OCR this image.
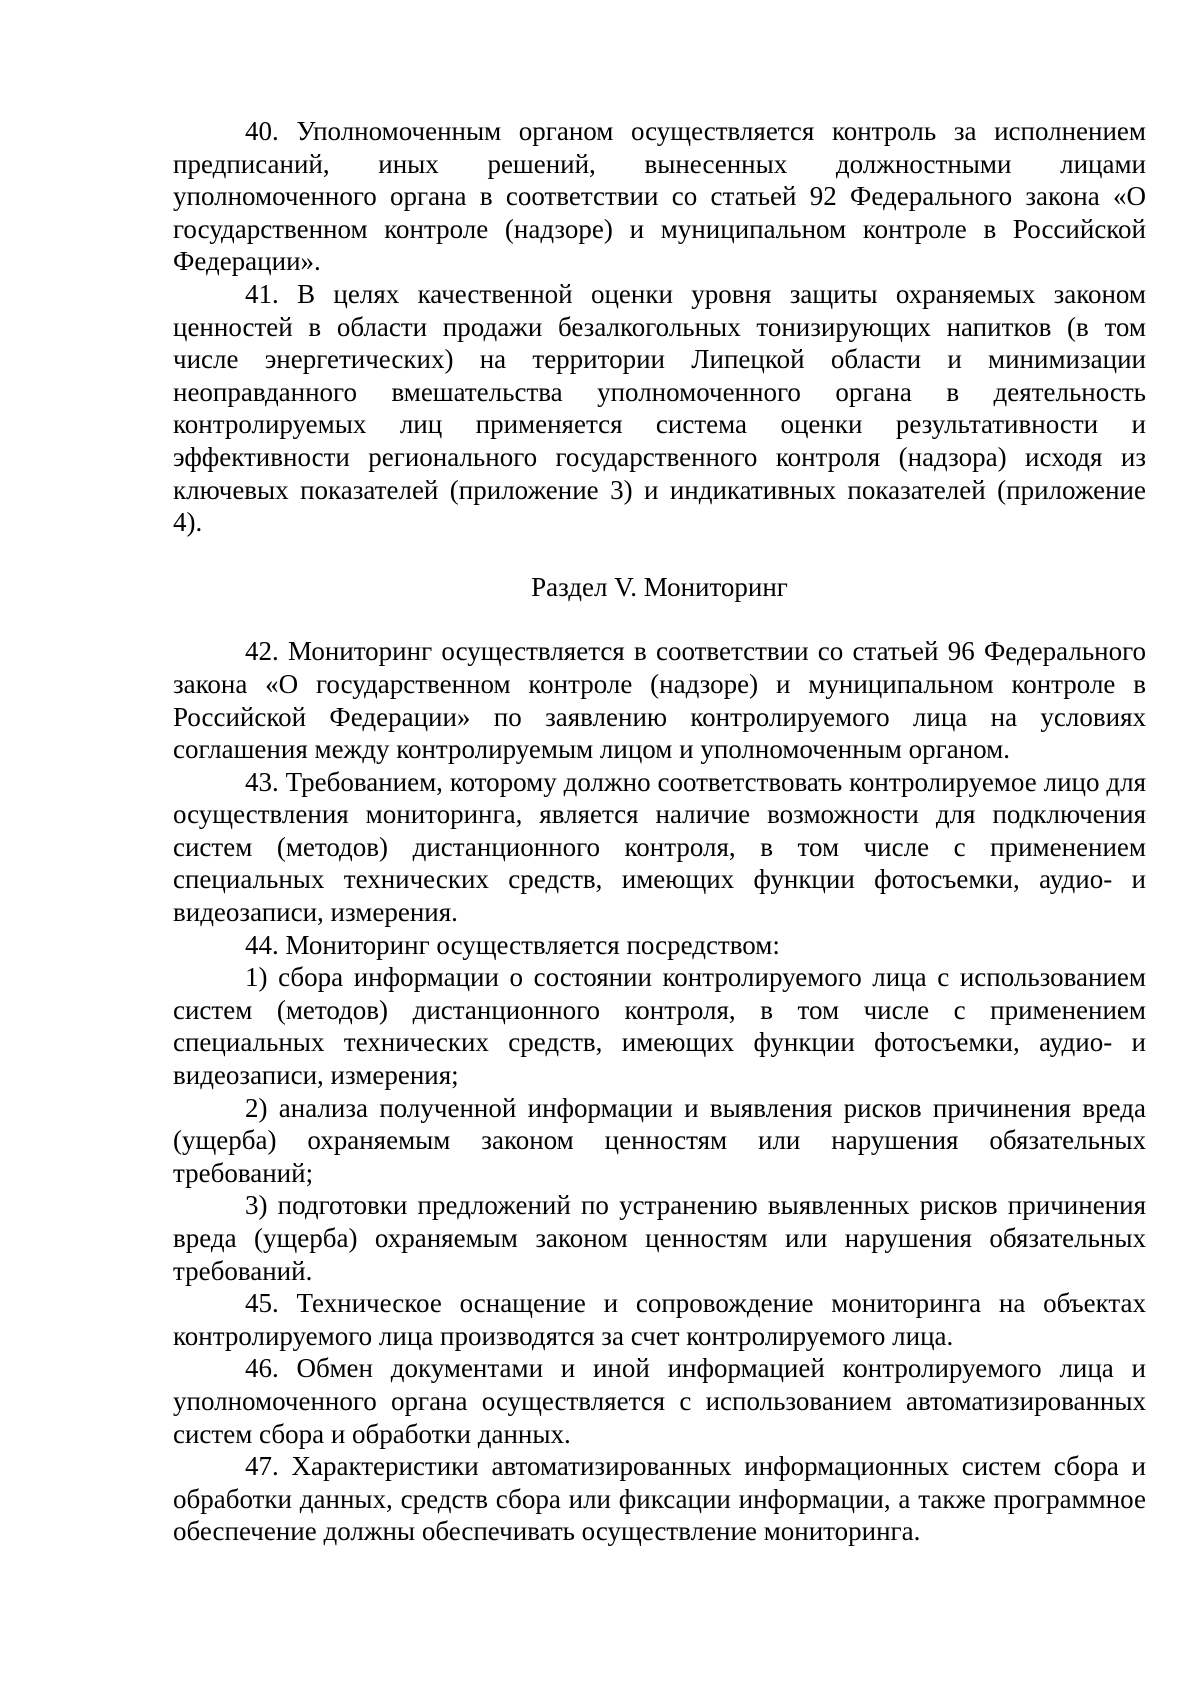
40. Уполномоченным органом осуществляется контроль за исполнением предписаний, иных решений, вынесенных должностными лицами уполномоченного органа в соответствии со статьей 92 Федерального закона «О государственном контроле (надзоре) и муниципальном контроле в Российской Федерации».

41. В целях качественной оценки уровня защиты охраняемых законом ценностей в области продажи безалкогольных тонизирующих напитков (в том числе энергетических) на территории Липецкой области и минимизации неоправданного вмешательства уполномоченного органа в деятельность контролируемых лиц применяется система оценки результативности и эффективности регионального государственного контроля (надзора) исходя из ключевых показателей (приложение 3) и индикативных показателей (приложение 4).

Раздел V. Мониторинг

42. Мониторинг осуществляется в соответствии со статьей 96 Федерального закона «О государственном контроле (надзоре) и муниципальном контроле в Российской Федерации» по заявлению контролируемого лица на условиях соглашения между контролируемым лицом и уполномоченным органом.

43. Требованием, которому должно соответствовать контролируемое лицо для осуществления мониторинга, является наличие возможности для подключения систем (методов) дистанционного контроля, в том числе с применением специальных технических средств, имеющих функции фотосъемки, аудио- и видеозаписи, измерения.

44. Мониторинг осуществляется посредством:

1) сбора информации о состоянии контролируемого лица с использованием систем (методов) дистанционного контроля, в том числе с применением специальных технических средств, имеющих функции фотосъемки, аудио- и видеозаписи, измерения;

2) анализа полученной информации и выявления рисков причинения вреда (ущерба) охраняемым законом ценностям или нарушения обязательных требований;

3) подготовки предложений по устранению выявленных рисков причинения вреда (ущерба) охраняемым законом ценностям или нарушения обязательных требований.

45. Техническое оснащение и сопровождение мониторинга на объектах контролируемого лица производятся за счет контролируемого лица.

46. Обмен документами и иной информацией контролируемого лица и уполномоченного органа осуществляется с использованием автоматизированных систем сбора и обработки данных.

47. Характеристики автоматизированных информационных систем сбора и обработки данных, средств сбора или фиксации информации, а также программное обеспечение должны обеспечивать осуществление мониторинга.
